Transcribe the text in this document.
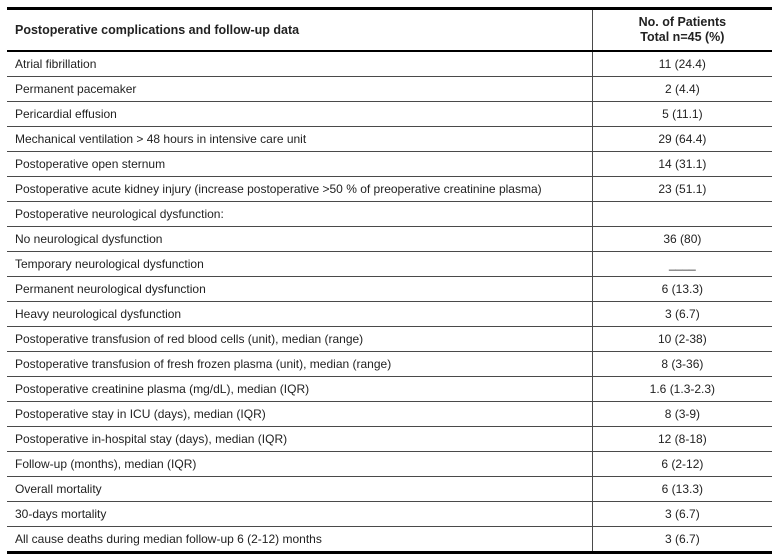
Postoperative complications and follow-up data	No. of Patients
Total n=45 (%)

Atrial fibrillation	11 (24.4)
Permanent pacemaker	2 (4.4)
Pericardial effusion	5 (11.1)
Mechanical ventilation > 48 hours in intensive care unit	29 (64.4)
Postoperative open sternum	14 (31.1)
Postoperative acute kidney injury (increase postoperative >50 % of preoperative creatinine plasma)	23 (51.1)
Postoperative neurological dysfunction:	
No neurological dysfunction	36 (80)
Temporary neurological dysfunction	____
Permanent neurological dysfunction	6 (13.3)
Heavy neurological dysfunction	3 (6.7)
Postoperative transfusion of red blood cells (unit), median (range)	10 (2-38)
Postoperative transfusion of fresh frozen plasma (unit), median (range)	8 (3-36)
Postoperative creatinine plasma (mg/dL), median (IQR)	1.6 (1.3-2.3)
Postoperative stay in ICU (days), median (IQR)	8 (3-9)
Postoperative in-hospital stay (days), median (IQR)	12 (8-18)
Follow-up (months), median (IQR)	6 (2-12)
Overall mortality	6 (13.3)
30-days mortality	3 (6.7)
All cause deaths during median follow-up 6 (2-12) months	3 (6.7)
